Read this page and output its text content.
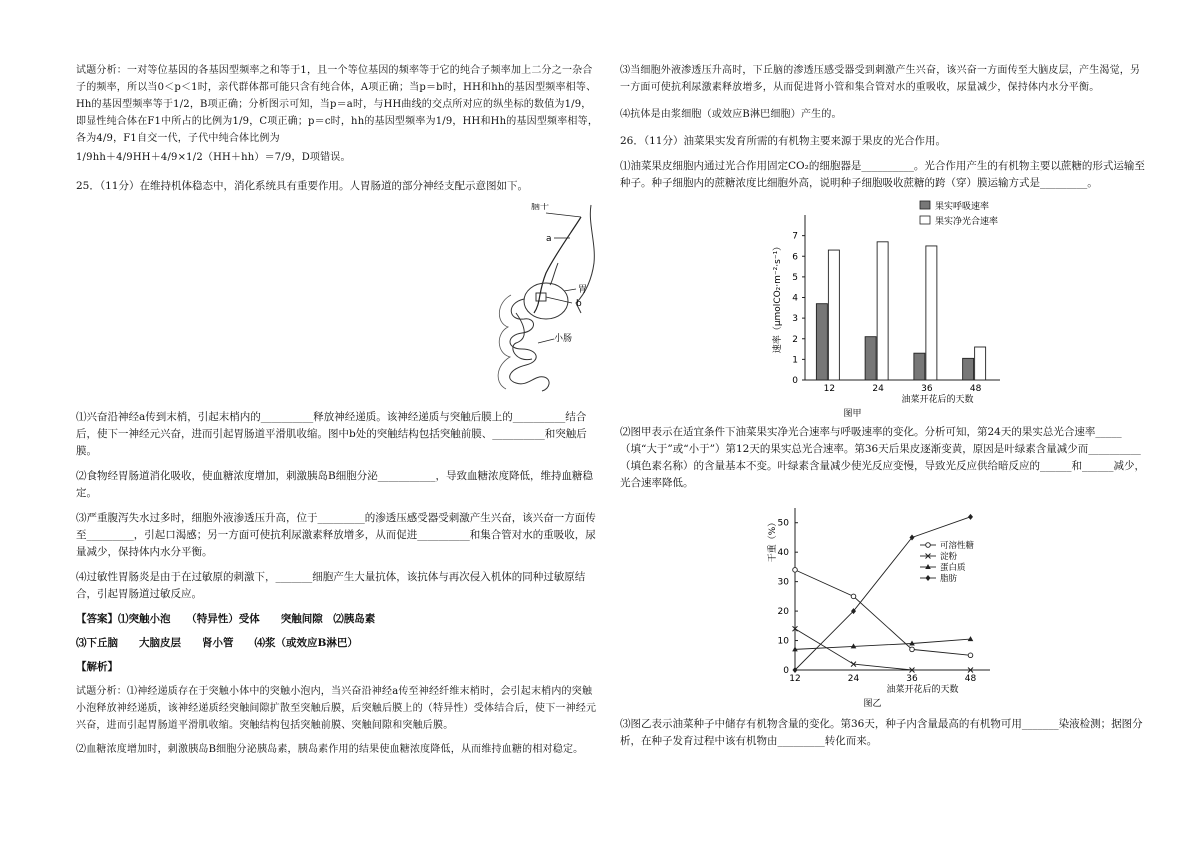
试题分析：一对等位基因的各基因型频率之和等于1，且一个等位基因的频率等于它的纯合子频率加上二分之一杂合子的频率，所以当0＜p＜1时，亲代群体都可能只含有纯合体，A项正确；当p＝b时，HH和hh的基因型频率相等、Hh的基因型频率等于1/2，B项正确；分析图示可知，当p＝a时，与HH曲线的交点所对应的纵坐标的数值为1/9，即显性纯合体在F1中所占的比例为1/9，C项正确；p＝c时，hh的基因型频率为1/9，HH和Hh的基因型频率相等，各为4/9，F1自交一代，子代中纯合体比例为

1/9hh＋4/9HH＋4/9×1/2（HH＋hh）＝7/9，D项错误。

25．（11分）在维持机体稳态中，消化系统具有重要作用。人胃肠道的部分神经支配示意图如下。

脑干
a
胃
b
小肠

⑴兴奋沿神经a传到末梢，引起末梢内的__________释放神经递质。该神经递质与突触后膜上的__________结合后，使下一神经元兴奋，进而引起胃肠道平滑肌收缩。图中b处的突触结构包括突触前膜、__________和突触后膜。

⑵食物经胃肠道消化吸收，使血糖浓度增加，刺激胰岛B细胞分泌___________，导致血糖浓度降低，维持血糖稳定。

⑶严重腹泻失水过多时，细胞外液渗透压升高，位于_________的渗透压感受器受刺激产生兴奋，该兴奋一方面传至_________，引起口渴感；另一方面可使抗利尿激素释放增多，从而促进__________和集合管对水的重吸收，尿量减少，保持体内水分平衡。

⑷过敏性胃肠炎是由于在过敏原的刺激下，_______细胞产生大量抗体，该抗体与再次侵入机体的同种过敏原结合，引起胃肠道过敏反应。

【答案】⑴突触小泡　　（特异性）受体　　突触间隙　⑵胰岛素

⑶下丘脑　　大脑皮层　　肾小管　　⑷浆（或效应B淋巴）

【解析】

试题分析：⑴神经递质存在于突触小体中的突触小泡内，当兴奋沿神经a传至神经纤维末梢时，会引起末梢内的突触小泡释放神经递质，该神经递质经突触间隙扩散至突触后膜，后突触后膜上的（特异性）受体结合后，使下一神经元兴奋，进而引起胃肠道平滑肌收缩。突触结构包括突触前膜、突触间隙和突触后膜。

⑵血糖浓度增加时，刺激胰岛B细胞分泌胰岛素，胰岛素作用的结果使血糖浓度降低，从而维持血糖的相对稳定。

⑶当细胞外液渗透压升高时，下丘脑的渗透压感受器受到刺激产生兴奋，该兴奋一方面传至大脑皮层，产生渴觉，另一方面可使抗利尿激素释放增多，从而促进肾小管和集合管对水的重吸收，尿量减少，保持体内水分平衡。

⑷抗体是由浆细胞（或效应B淋巴细胞）产生的。

26．（11分）油菜果实发育所需的有机物主要来源于果皮的光合作用。

⑴油菜果皮细胞内通过光合作用固定CO₂的细胞器是__________。光合作用产生的有机物主要以蔗糖的形式运输至种子。种子细胞内的蔗糖浓度比细胞外高，说明种子细胞吸收蔗糖的跨（穿）膜运输方式是_________。

0
1
2
3
4
5
6
7
12	24	36	48
果实呼吸速率
果实净光合速率
油菜开花后的天数
速率（μmolCO₂·m⁻²·s⁻¹）
图甲

⑵图甲表示在适宜条件下油菜果实净光合速率与呼吸速率的变化。分析可知，第24天的果实总光合速率_____（填“大于”或“小于”）第12天的果实总光合速率。第36天后果皮逐渐变黄，原因是叶绿素含量减少而__________（填色素名称）的含量基本不变。叶绿素含量减少使光反应变慢，导致光反应供给暗反应的______和______减少，光合速率降低。

0
10
20
30
40
50
12	24	36	48
可溶性糖
淀粉
蛋白质
脂肪
油菜开花后的天数
干重（%）
图乙

⑶图乙表示油菜种子中储存有机物含量的变化。第36天，种子内含量最高的有机物可用_______染液检测；据图分析，在种子发育过程中该有机物由_________转化而来。
